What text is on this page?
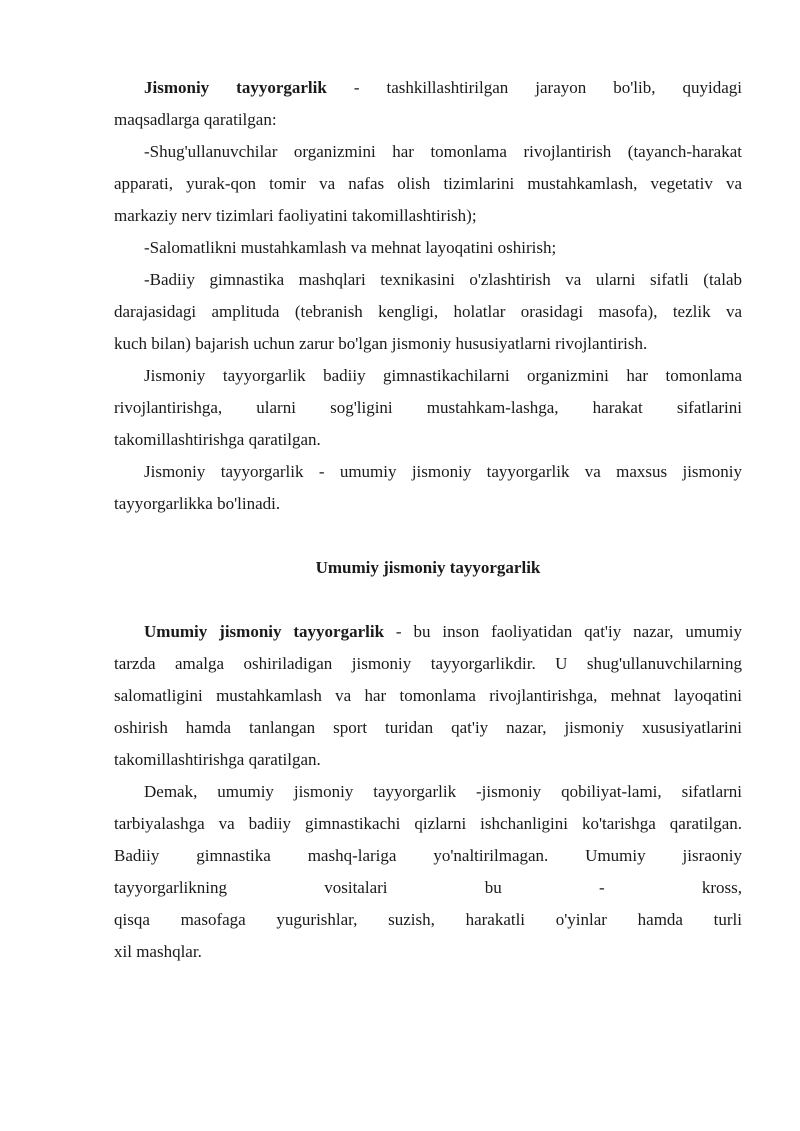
Jismoniy tayyorgarlik - tashkillashtirilgan jarayon bo'lib, quyidagi
maqsadlarga qaratilgan:
-Shug'ullanuvchilar organizmini har tomonlama rivojlantirish (tayanch-harakat
apparati, yurak-qon tomir va nafas olish tizimlarini mustahkamlash, vegetativ va
markaziy nerv tizimlari faoliyatini takomillashtirish);
-Salomatlikni mustahkamlash va mehnat layoqatini oshirish;
-Badiiy gimnastika mashqlari texnikasini o'zlashtirish va ularni sifatli (talab
darajasidagi amplituda (tebranish kengligi, holatlar orasidagi masofa), tezlik va
kuch bilan) bajarish uchun zarur bo'lgan jismoniy hususiyatlarni rivojlantirish.
Jismoniy tayyorgarlik badiiy gimnastikachilarni organizmini har tomonlama
rivojlantirishga, ularni sog'ligini mustahkam-lashga, harakat sifatlarini
takomillashtirishga qaratilgan.
Jismoniy tayyorgarlik - umumiy jismoniy tayyorgarlik va maxsus jismoniy
tayyorgarlikka bo'linadi.
Umumiy jismoniy tayyorgarlik
Umumiy jismoniy tayyorgarlik - bu inson faoliyatidan qat'iy nazar, umumiy
tarzda amalga oshiriladigan jismoniy tayyorgarlikdir. U shug'ullanuvchilarning
salomatligini mustahkamlash va har tomonlama rivojlantirishga, mehnat layoqatini
oshirish hamda tanlangan sport turidan qat'iy nazar, jismoniy xususiyatlarini
takomillashtirishga qaratilgan.
Demak, umumiy jismoniy tayyorgarlik -jismoniy qobiliyat-lami, sifatlarni
tarbiyalashga va badiiy gimnastikachi qizlarni ishchanligini ko'tarishga qaratilgan.
Badiiy gimnastika mashq-lariga yo'naltirilmagan. Umumiy jisraoniy
tayyorgarlikning vositalari bu - kross,
qisqa masofaga yugurishlar, suzish, harakatli o'yinlar hamda turli
xil mashqlar.
